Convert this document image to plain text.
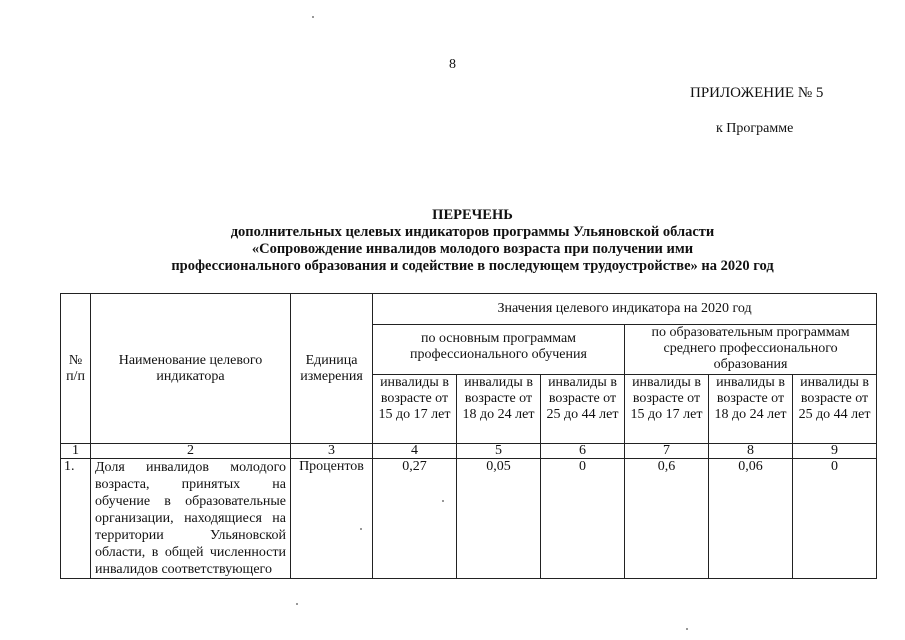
8
ПРИЛОЖЕНИЕ № 5
к Программе
ПЕРЕЧЕНЬ
дополнительных целевых индикаторов программы Ульяновской области
«Сопровождение инвалидов молодого возраста при получении ими
профессионального образования и содействие в последующем трудоустройстве» на 2020 год
№ п/п	Наименование целевого индикатора	Единица измерения	Значения целевого индикатора на 2020 год					
			по основным программам профессионального обучения			по образовательным программам среднего профессионального образования		
			инвалиды в возрасте от 15 до 17 лет	инвалиды в возрасте от 18 до 24 лет	инвалиды в возрасте от 25 до 44 лет	инвалиды в возрасте от 15 до 17 лет	инвалиды в возрасте от 18 до 24 лет	инвалиды в возрасте от 25 до 44 лет
1	2	3	4	5	6	7	8	9
1.	Доля инвалидов молодого возраста, принятых на обучение в образовательные организации, находящиеся на территории Ульяновской области, в общей численности инвалидов соответствующего	Процентов	0,27	0,05	0	0,6	0,06	0
